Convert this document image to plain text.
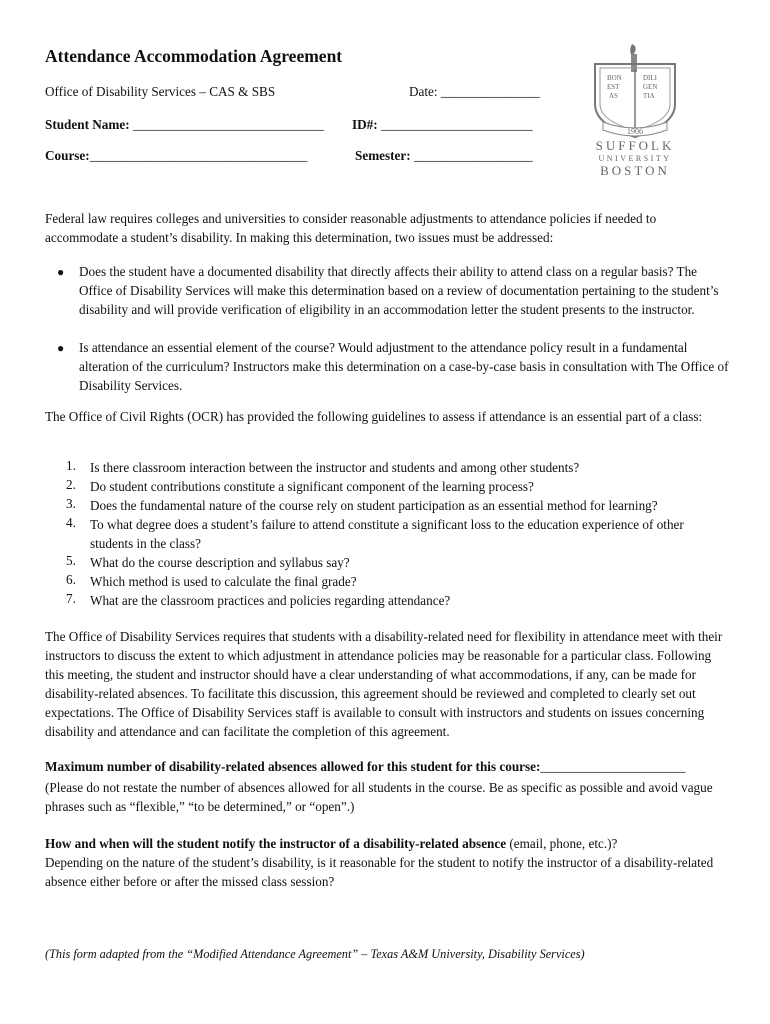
Attendance Accommodation Agreement
Office of Disability Services – CAS & SBS	Date: _______________
Student Name: _____________________________ ID#: _______________________
Course:_________________________________	Semester: __________________
BON
EST
AS
DILI
GEN
TIA
1906
SUFFOLK
UNIVERSITY
BOSTON
Federal law requires colleges and universities to consider reasonable adjustments to attendance policies if needed to accommodate a student’s disability. In making this determination, two issues must be addressed:
● Does the student have a documented disability that directly affects their ability to attend class on a regular basis? The Office of Disability Services will make this determination based on a review of documentation pertaining to the student’s disability and will provide verification of eligibility in an accommodation letter the student presents to the instructor.
● Is attendance an essential element of the course? Would adjustment to the attendance policy result in a fundamental alteration of the curriculum? Instructors make this determination on a case-by-case basis in consultation with The Office of Disability Services.
The Office of Civil Rights (OCR) has provided the following guidelines to assess if attendance is an essential part of a class:
1. Is there classroom interaction between the instructor and students and among other students?
2. Do student contributions constitute a significant component of the learning process?
3. Does the fundamental nature of the course rely on student participation as an essential method for learning?
4. To what degree does a student’s failure to attend constitute a significant loss to the education experience of other students in the class?
5. What do the course description and syllabus say?
6. Which method is used to calculate the final grade?
7. What are the classroom practices and policies regarding attendance?
The Office of Disability Services requires that students with a disability-related need for flexibility in attendance meet with their instructors to discuss the extent to which adjustment in attendance policies may be reasonable for a particular class. Following this meeting, the student and instructor should have a clear understanding of what accommodations, if any, can be made for disability-related absences. To facilitate this discussion, this agreement should be reviewed and completed to clearly set out expectations. The Office of Disability Services staff is available to consult with instructors and students on issues concerning disability and attendance and can facilitate the completion of this agreement.
Maximum number of disability-related absences allowed for this student for this course:______________________
(Please do not restate the number of absences allowed for all students in the course. Be as specific as possible and avoid vague phrases such as “flexible,” “to be determined,” or “open”.)
How and when will the student notify the instructor of a disability-related absence (email, phone, etc.)?
Depending on the nature of the student’s disability, is it reasonable for the student to notify the instructor of a disability-related absence either before or after the missed class session?
(This form adapted from the “Modified Attendance Agreement” – Texas A&M University, Disability Services)
